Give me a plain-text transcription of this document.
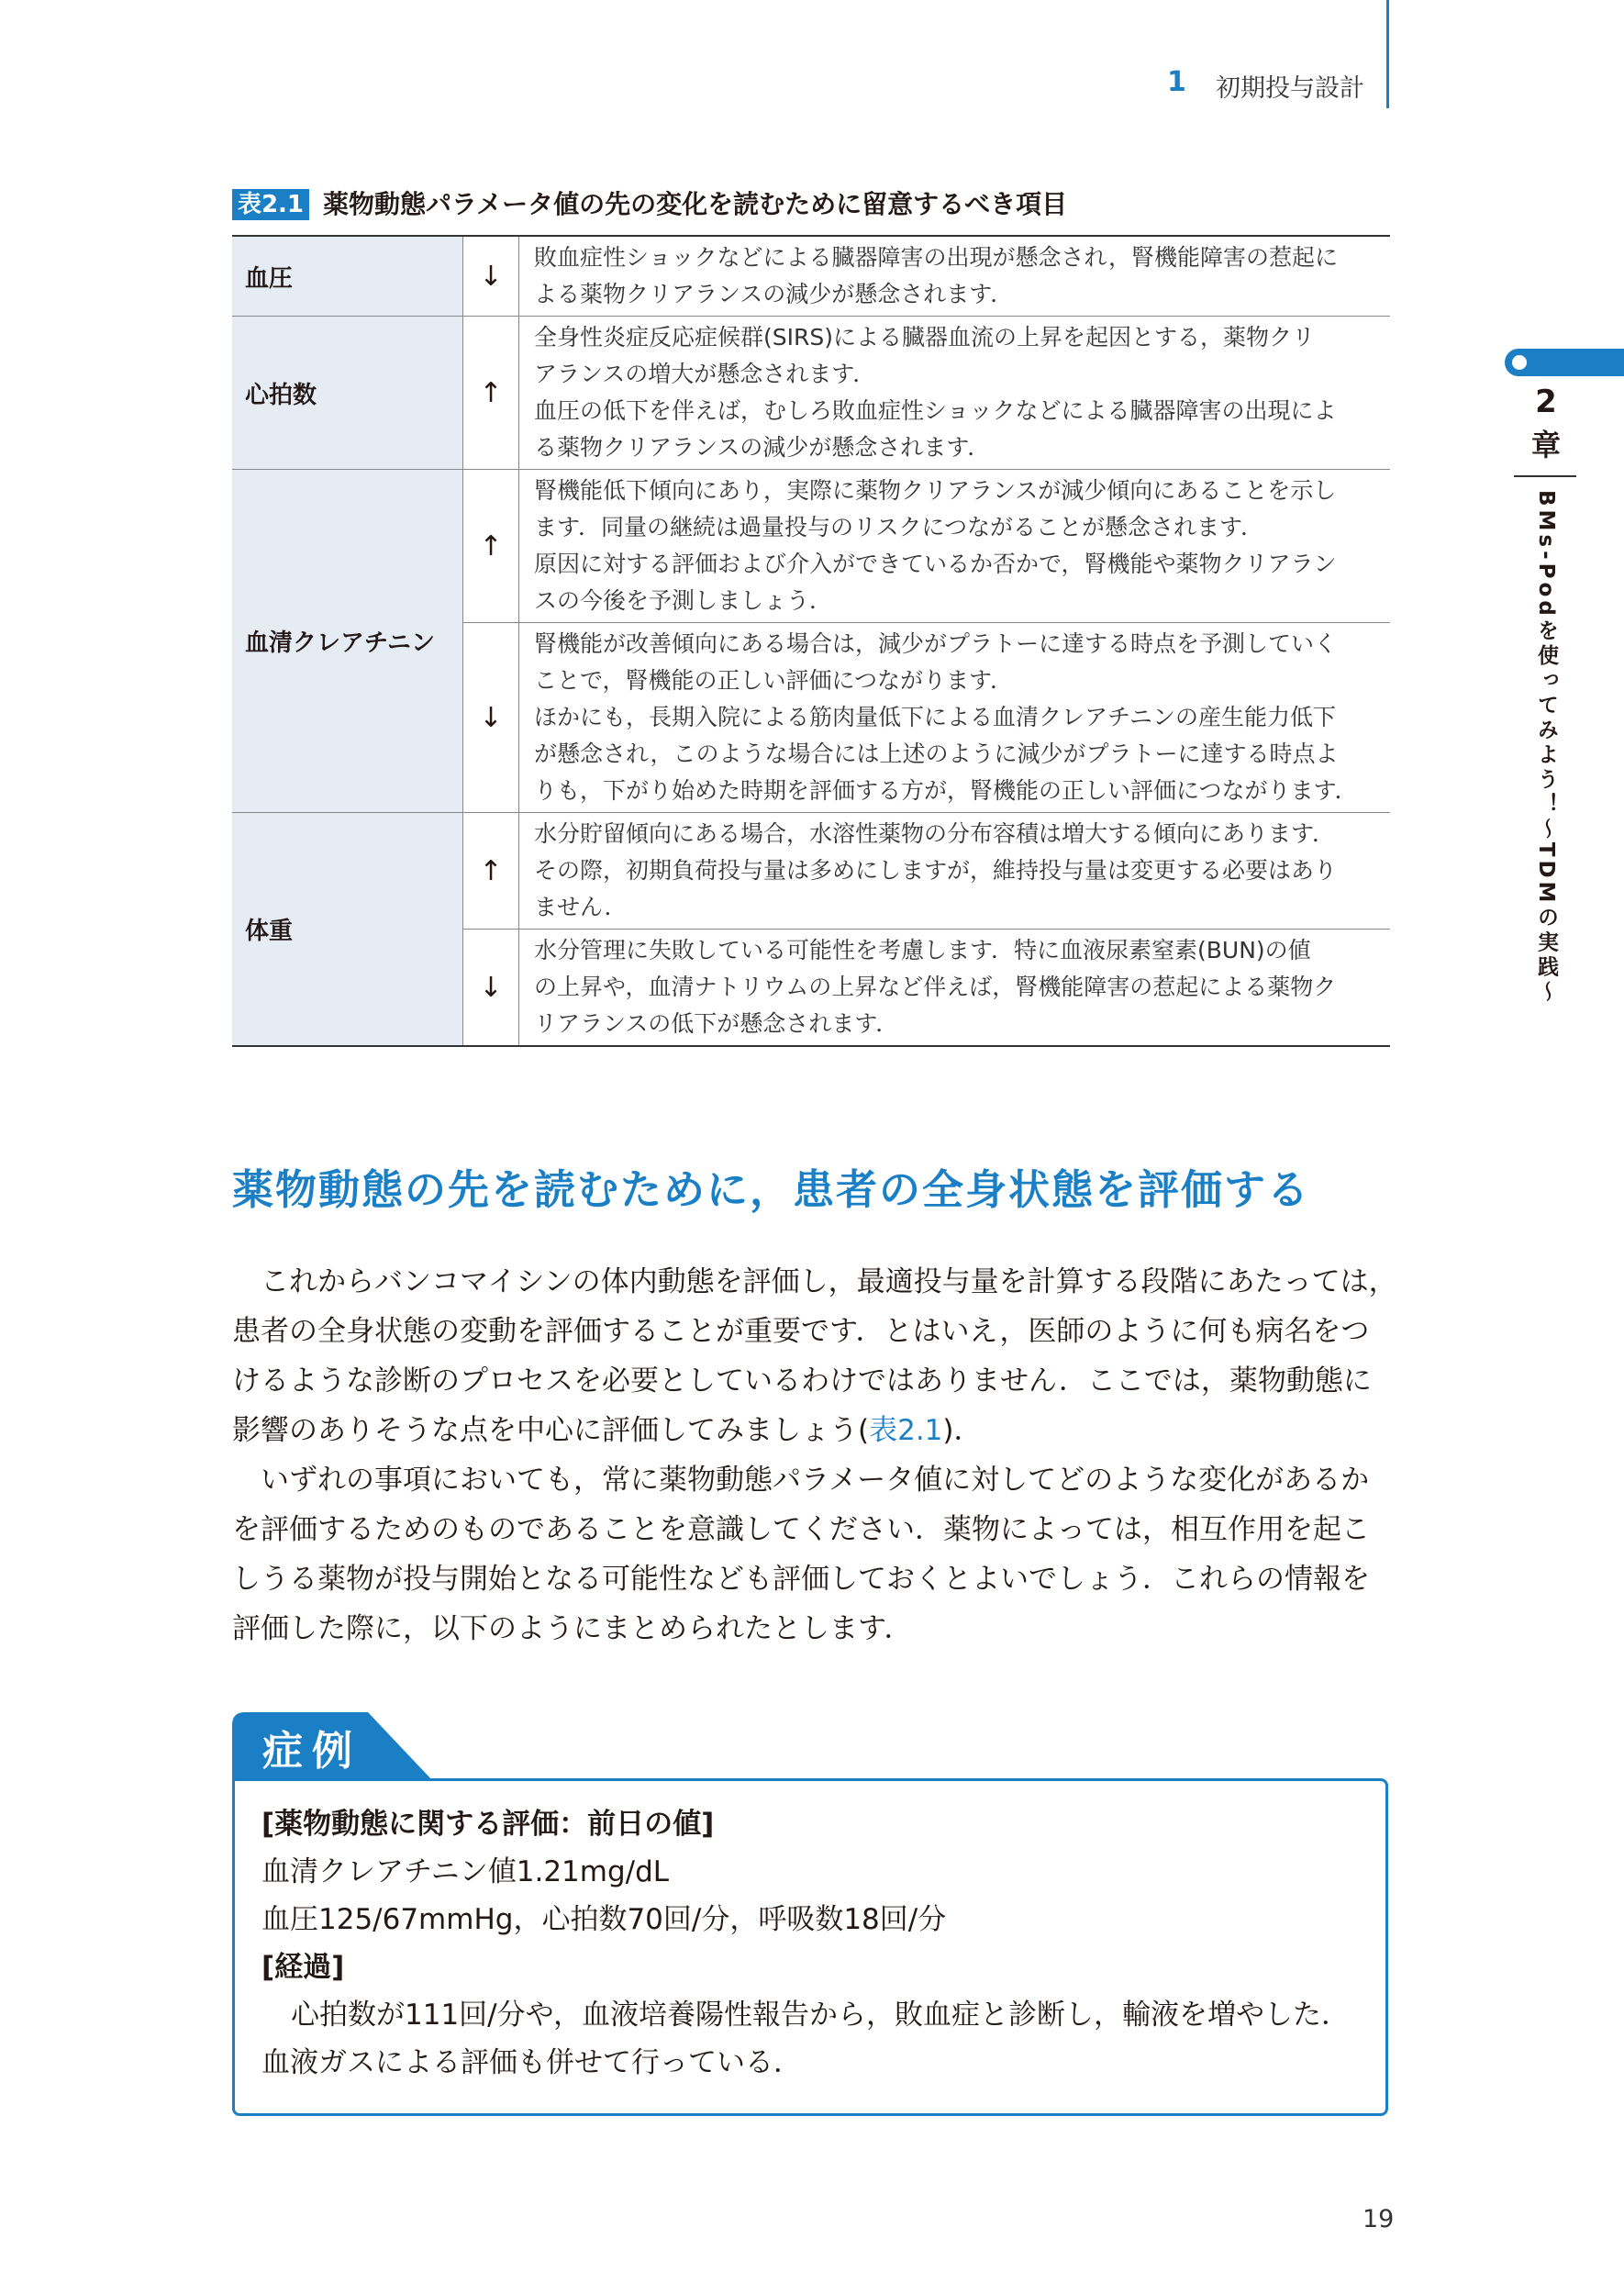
1 初期投与設計
表2.1 薬物動態パラメータ値の先の変化を読むために留意するべき項目
血圧	↓	敗血症性ショックなどによる臓器障害の出現が懸念され，腎機能障害の惹起に
よる薬物クリアランスの減少が懸念されます．

心拍数	↑	全身性炎症反応症候群(SIRS)による臓器血流の上昇を起因とする，薬物クリ
アランスの増大が懸念されます．
血圧の低下を伴えば，むしろ敗血症性ショックなどによる臓器障害の出現によ
る薬物クリアランスの減少が懸念されます．

血清クレアチニン	↑	腎機能低下傾向にあり，実際に薬物クリアランスが減少傾向にあることを示し
ます．同量の継続は過量投与のリスクにつながることが懸念されます．
原因に対する評価および介入ができているか否かで，腎機能や薬物クリアラン
スの今後を予測しましょう．

	↓	腎機能が改善傾向にある場合は，減少がプラトーに達する時点を予測していく
ことで，腎機能の正しい評価につながります．
ほかにも，長期入院による筋肉量低下による血清クレアチニンの産生能力低下
が懸念され，このような場合には上述のように減少がプラトーに達する時点よ
りも，下がり始めた時期を評価する方が，腎機能の正しい評価につながります．

体重	↑	水分貯留傾向にある場合，水溶性薬物の分布容積は増大する傾向にあります．
その際，初期負荷投与量は多めにしますが，維持投与量は変更する必要はあり
ません．

	↓	水分管理に失敗している可能性を考慮します．特に血液尿素窒素(BUN)の値
の上昇や，血清ナトリウムの上昇など伴えば，腎機能障害の惹起による薬物ク
リアランスの低下が懸念されます．
2
章
BMs-Podを使ってみよう！～TDMの実践～
薬物動態の先を読むために，患者の全身状態を評価する
これからバンコマイシンの体内動態を評価し，最適投与量を計算する段階にあたっては，
患者の全身状態の変動を評価することが重要です．とはいえ，医師のように何も病名をつ
けるような診断のプロセスを必要としているわけではありません．ここでは，薬物動態に
影響のありそうな点を中心に評価してみましょう(表2.1)．
いずれの事項においても，常に薬物動態パラメータ値に対してどのような変化があるか
を評価するためのものであることを意識してください．薬物によっては，相互作用を起こ
しうる薬物が投与開始となる可能性なども評価しておくとよいでしょう．これらの情報を
評価した際に，以下のようにまとめられたとします．
症例
[薬物動態に関する評価：前日の値]
血清クレアチニン値1.21mg/dL
血圧125/67mmHg，心拍数70回/分，呼吸数18回/分
[経過]
心拍数が111回/分や，血液培養陽性報告から，敗血症と診断し，輸液を増やした．
血液ガスによる評価も併せて行っている．
19
